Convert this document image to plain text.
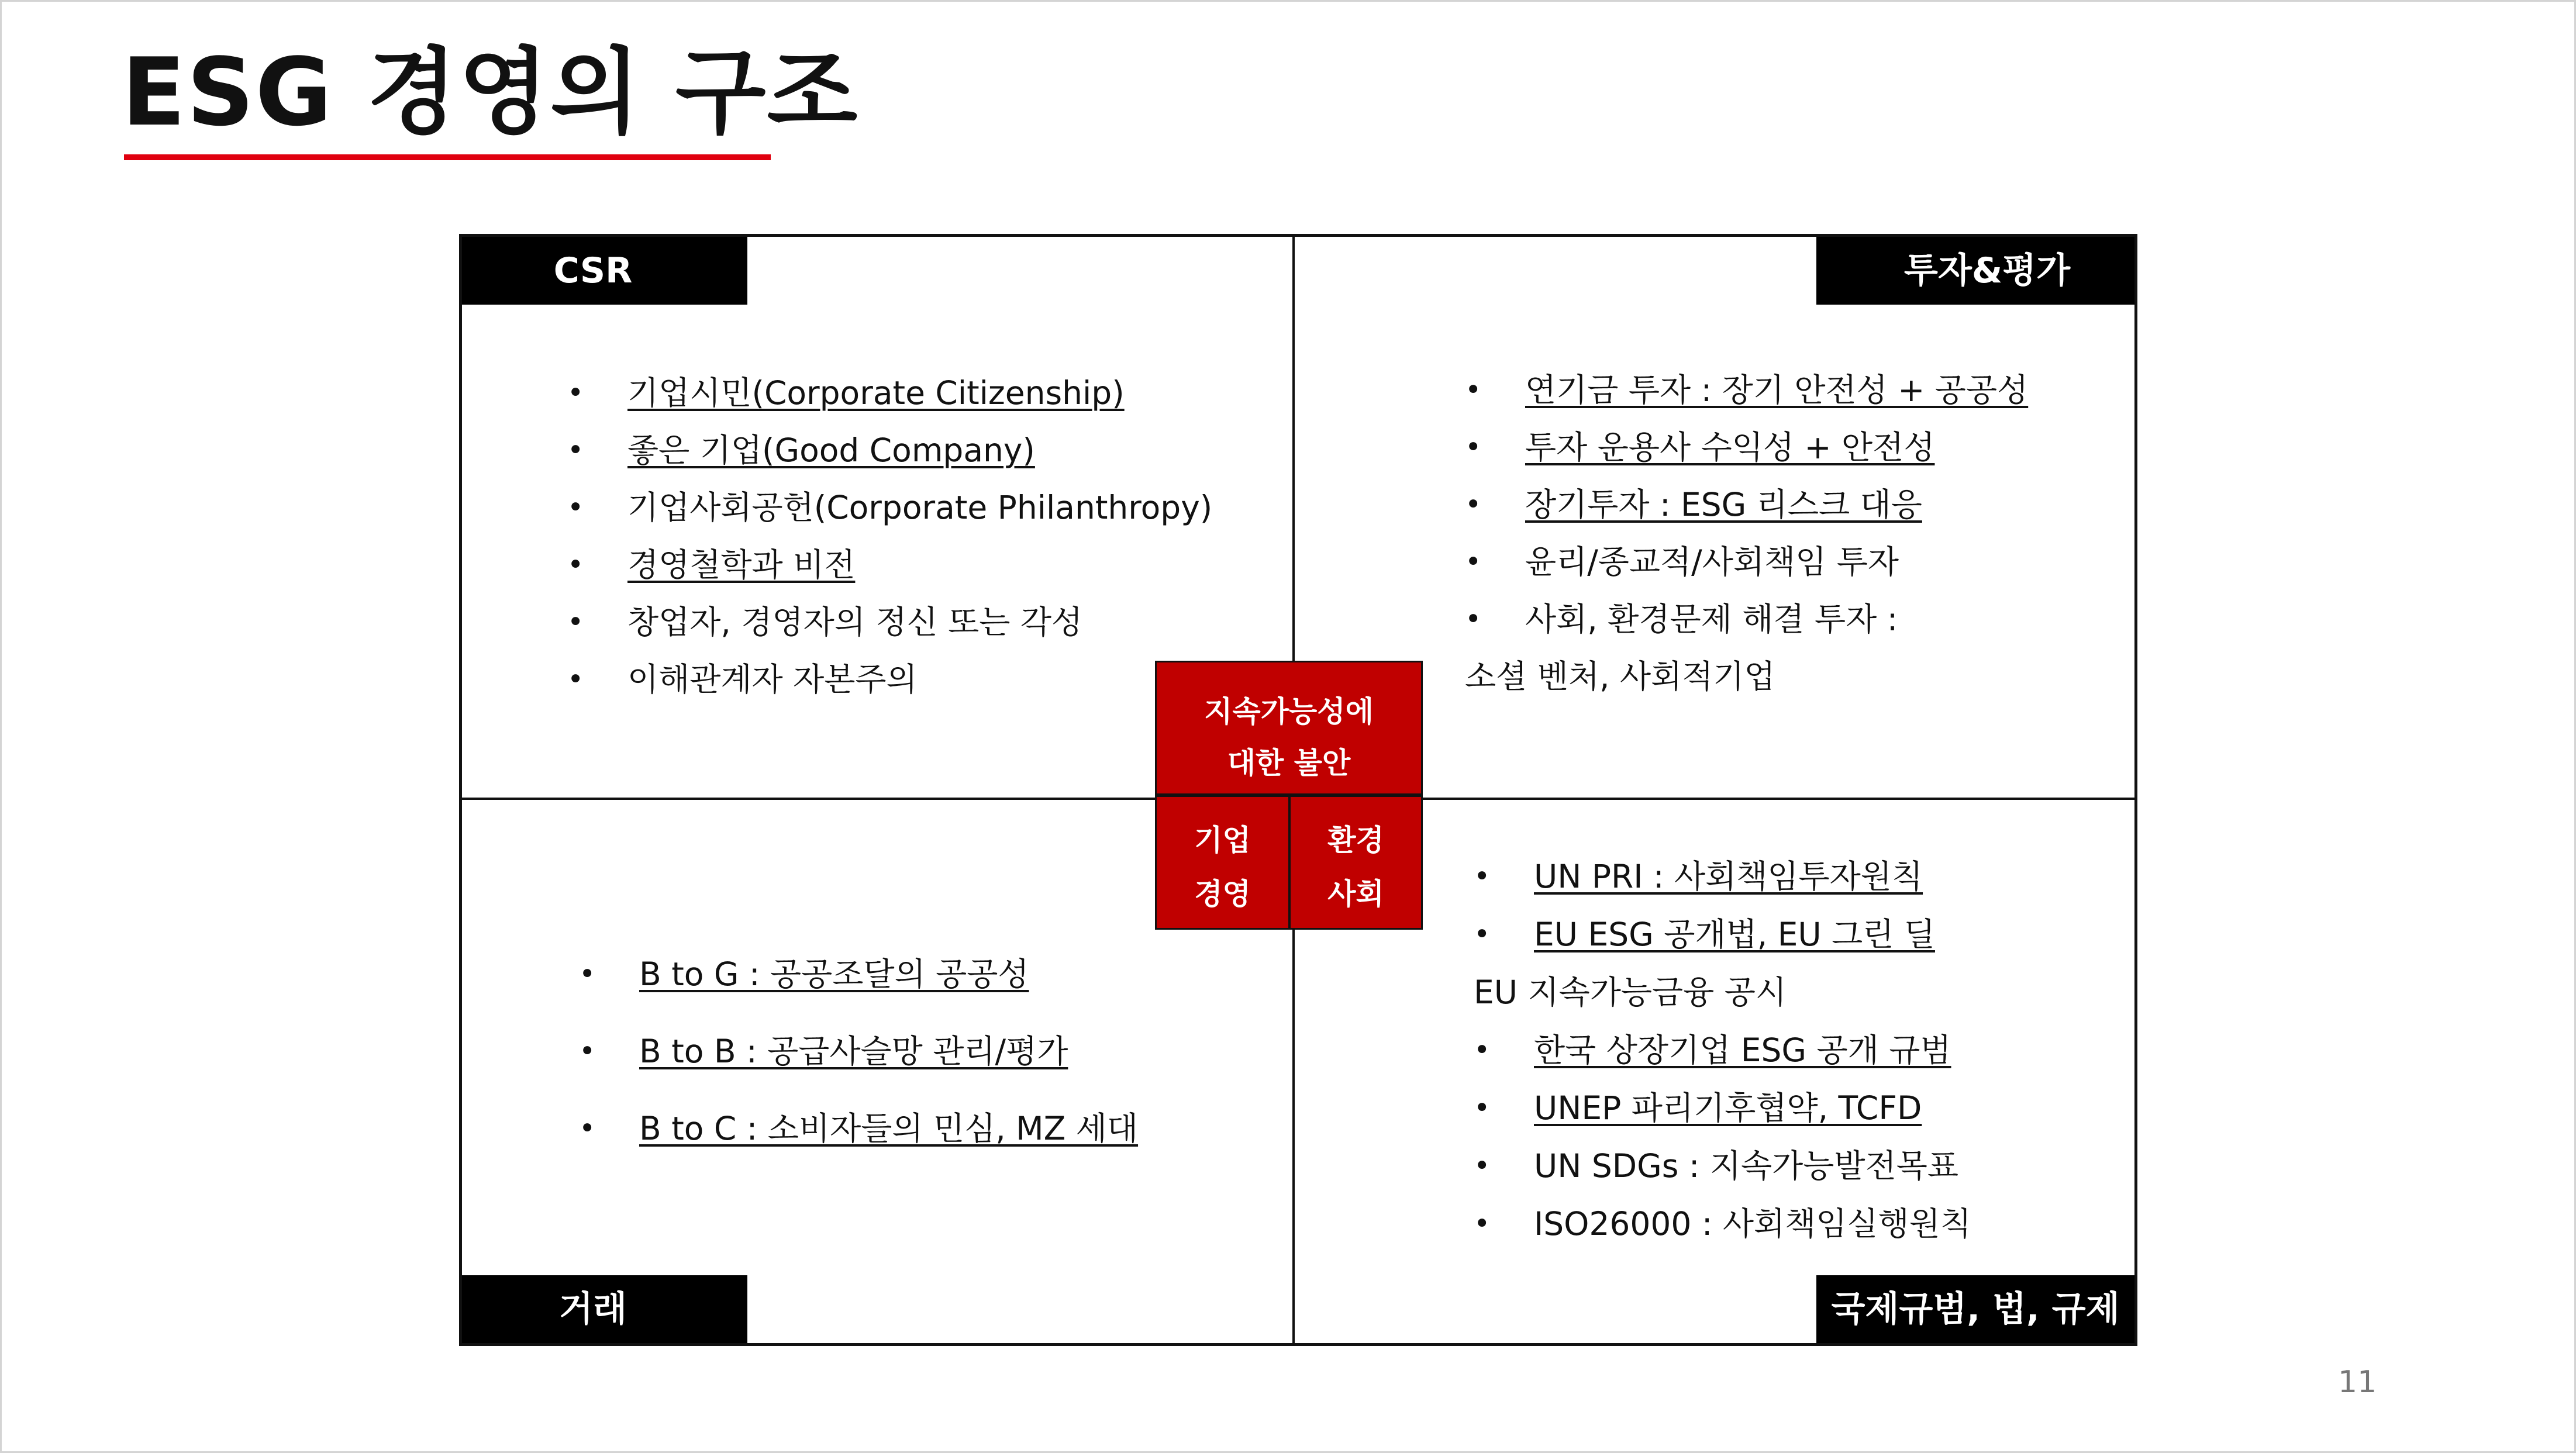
ESG 경영의 구조
CSR	투자&평가
거래	국제규범, 법, 규제
• 기업시민(Corporate Citizenship)
• 좋은 기업(Good Company)
• 기업사회공헌(Corporate Philanthropy)
• 경영철학과 비전
• 창업자, 경영자의 정신 또는 각성
• 이해관계자 자본주의
• 연기금 투자 : 장기 안전성 + 공공성
• 투자 운용사 수익성 + 안전성
• 장기투자 : ESG 리스크 대응
• 윤리/종교적/사회책임 투자
• 사회, 환경문제 해결 투자 :
소셜 벤처, 사회적기업
• B to G : 공공조달의 공공성
• B to B : 공급사슬망 관리/평가
• B to C : 소비자들의 민심, MZ 세대
• UN PRI : 사회책임투자원칙
• EU ESG 공개법, EU 그린 딜
EU 지속가능금융 공시
• 한국 상장기업 ESG 공개 규범
• UNEP 파리기후협약, TCFD
• UN SDGs : 지속가능발전목표
• ISO26000 : 사회책임실행원칙
지속가능성에
대한 불안
기업
경영
환경
사회
11
